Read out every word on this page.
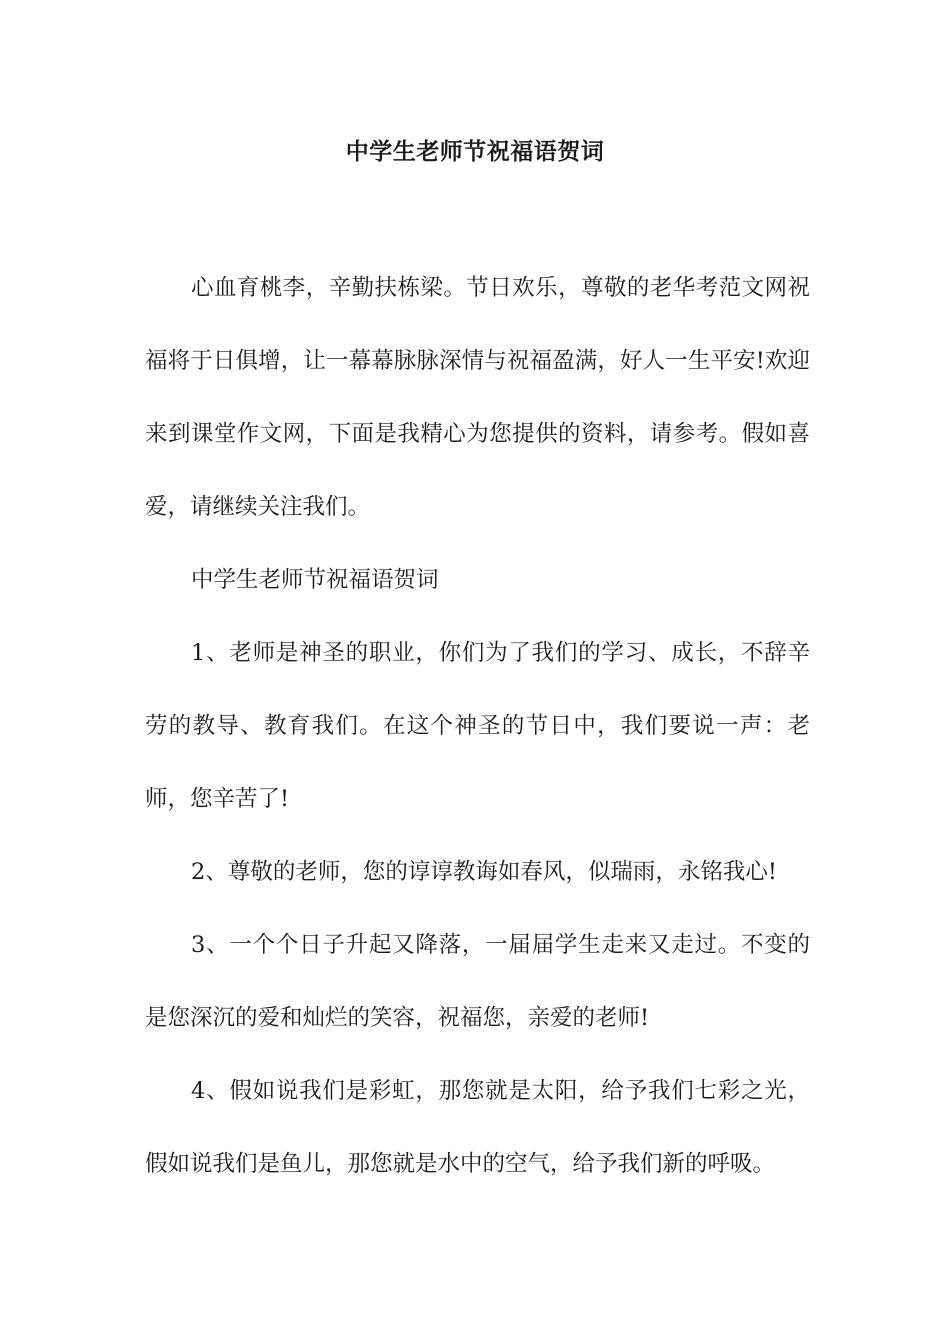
中学生老师节祝福语贺词

心血育桃李，辛勤扶栋梁。节日欢乐，尊敬的老华考范文网祝福将于日俱增，让一幕幕脉脉深情与祝福盈满，好人一生平安!欢迎来到课堂作文网，下面是我精心为您提供的资料，请参考。假如喜爱，请继续关注我们。

中学生老师节祝福语贺词

1、老师是神圣的职业，你们为了我们的学习、成长，不辞辛劳的教导、教育我们。在这个神圣的节日中，我们要说一声：老师，您辛苦了!

2、尊敬的老师，您的谆谆教诲如春风，似瑞雨，永铭我心!

3、一个个日子升起又降落，一届届学生走来又走过。不变的是您深沉的爱和灿烂的笑容，祝福您，亲爱的老师!

4、假如说我们是彩虹，那您就是太阳，给予我们七彩之光，假如说我们是鱼儿，那您就是水中的空气，给予我们新的呼吸。
